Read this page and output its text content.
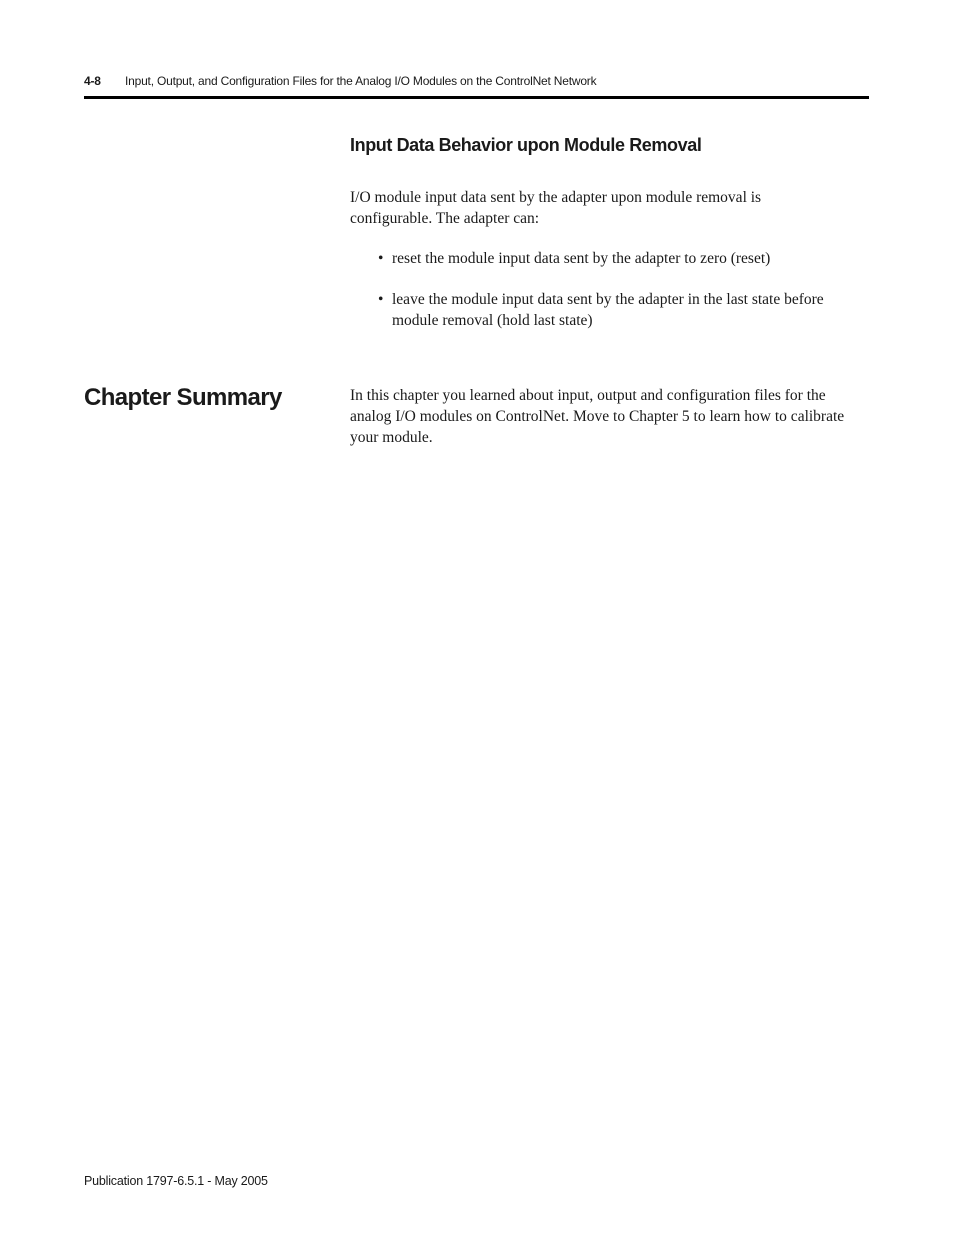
4-8 Input, Output, and Configuration Files for the Analog I/O Modules on the ControlNet Network
Input Data Behavior upon Module Removal

I/O module input data sent by the adapter upon module removal is configurable. The adapter can:

• reset the module input data sent by the adapter to zero (reset)
• leave the module input data sent by the adapter in the last state before module removal (hold last state)
Chapter Summary	In this chapter you learned about input, output and configuration files for the analog I/O modules on ControlNet. Move to Chapter 5 to learn how to calibrate your module.

Publication 1797-6.5.1 - May 2005
